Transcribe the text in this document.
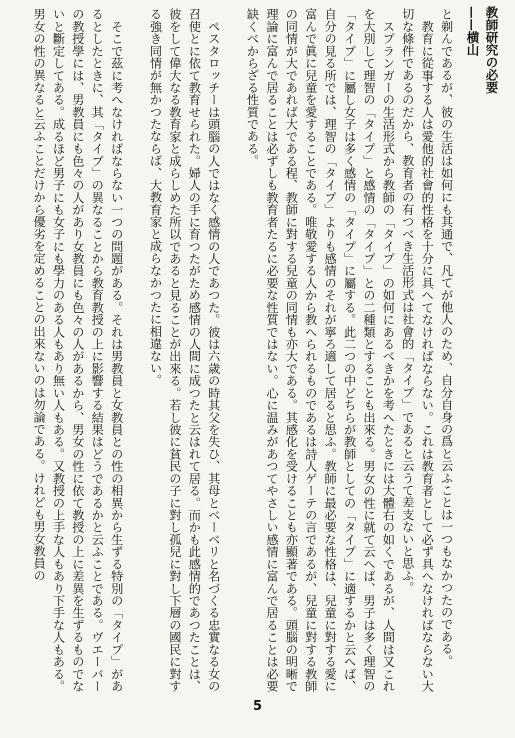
教師研究の必要——横山

と剃んであるが、彼の生活は如何にも其通で、凡てが他人のため、自分自身の爲と云ふことは一つもなかつたのである。
　教育に從事する人は愛他的社會的性格を十分に具へてなければならない。これは教育者として必ず具へなければならない大切な條件であるのだから、教育者の有つべき生活形式は社會的「タイプ」であると云うて差支ないと思ふ。
　スプランガーの生活形式から教師の「タイプ」の如何にあるべきかを考へたときには大體右の如くであるが、人間は又これを大別して理智の「タイプ」と感情の「タイプ」との二種類とすることも出來る。男女の性に就て云へば、男子は多く理智の「タイプ」に屬し女子は多く感情の「タイプ」に屬する。此二つの中どちらが教師としての「タイプ」に適するかと云へば、自分の見る所では、理智の「タイプ」よりも感情のそれが寧ろ適して居ると思ふ。教師に最必要な性格は、兒童に對する愛に富んで眞に兒童を愛することである。唯敬愛する人から教へられるものであるは詩人ゲーテの言であるが、兒童に對する教師の同情が大であれば大である程、教師に對する兒童の同情も亦大である。其感化を受けることも亦顯著である。頭腦の明晰で理論に富んで居ることは必ずしも教育者たるに必要な性質ではない。心に温みがあつてやさしい感情に富んで居ることは必要缺くべからざる性質である。

　ペスタロッチーは頭腦の人ではなく感情の人であつた。彼は六歳の時其父を失ひ、其母とベーベリと名づくる忠實なる女の召使とに依て教育せられた。婦人の手に育つたがため感情の人間に成つたと云はれて居る。而かも此感情的であつたことは、彼をして偉大なる教育家と成らしめた所以であると見ることが出來る。若し彼に貧民の子に對し孤兒に對し下層の國民に對する強き同情が無かつたならば、大教育家と成らなかつたに相違ない。

　そこで茲に考へなければならない一つの問題がある。それは男教員と女教員との性の相異から生ずる特別の「タイプ」があるとしたときに、其「タイプ」の異なることから教育教授の上に影響する結果はどうであるかと云ふことである。ヴエーバーの教授學には、男教員にも色々の人があり女教員にも色々の人があるから、男女の性に依て教授の上に差異を生ずるものでないと斷定してある。成るほど男子にも女子にも學力のある人もあり無い人もある。又教授の上手な人もあり下手な人もある。男女の性の異なると云ふことだけから優劣を定めることの出來ないのは勿論である。けれども男女教員の

5
